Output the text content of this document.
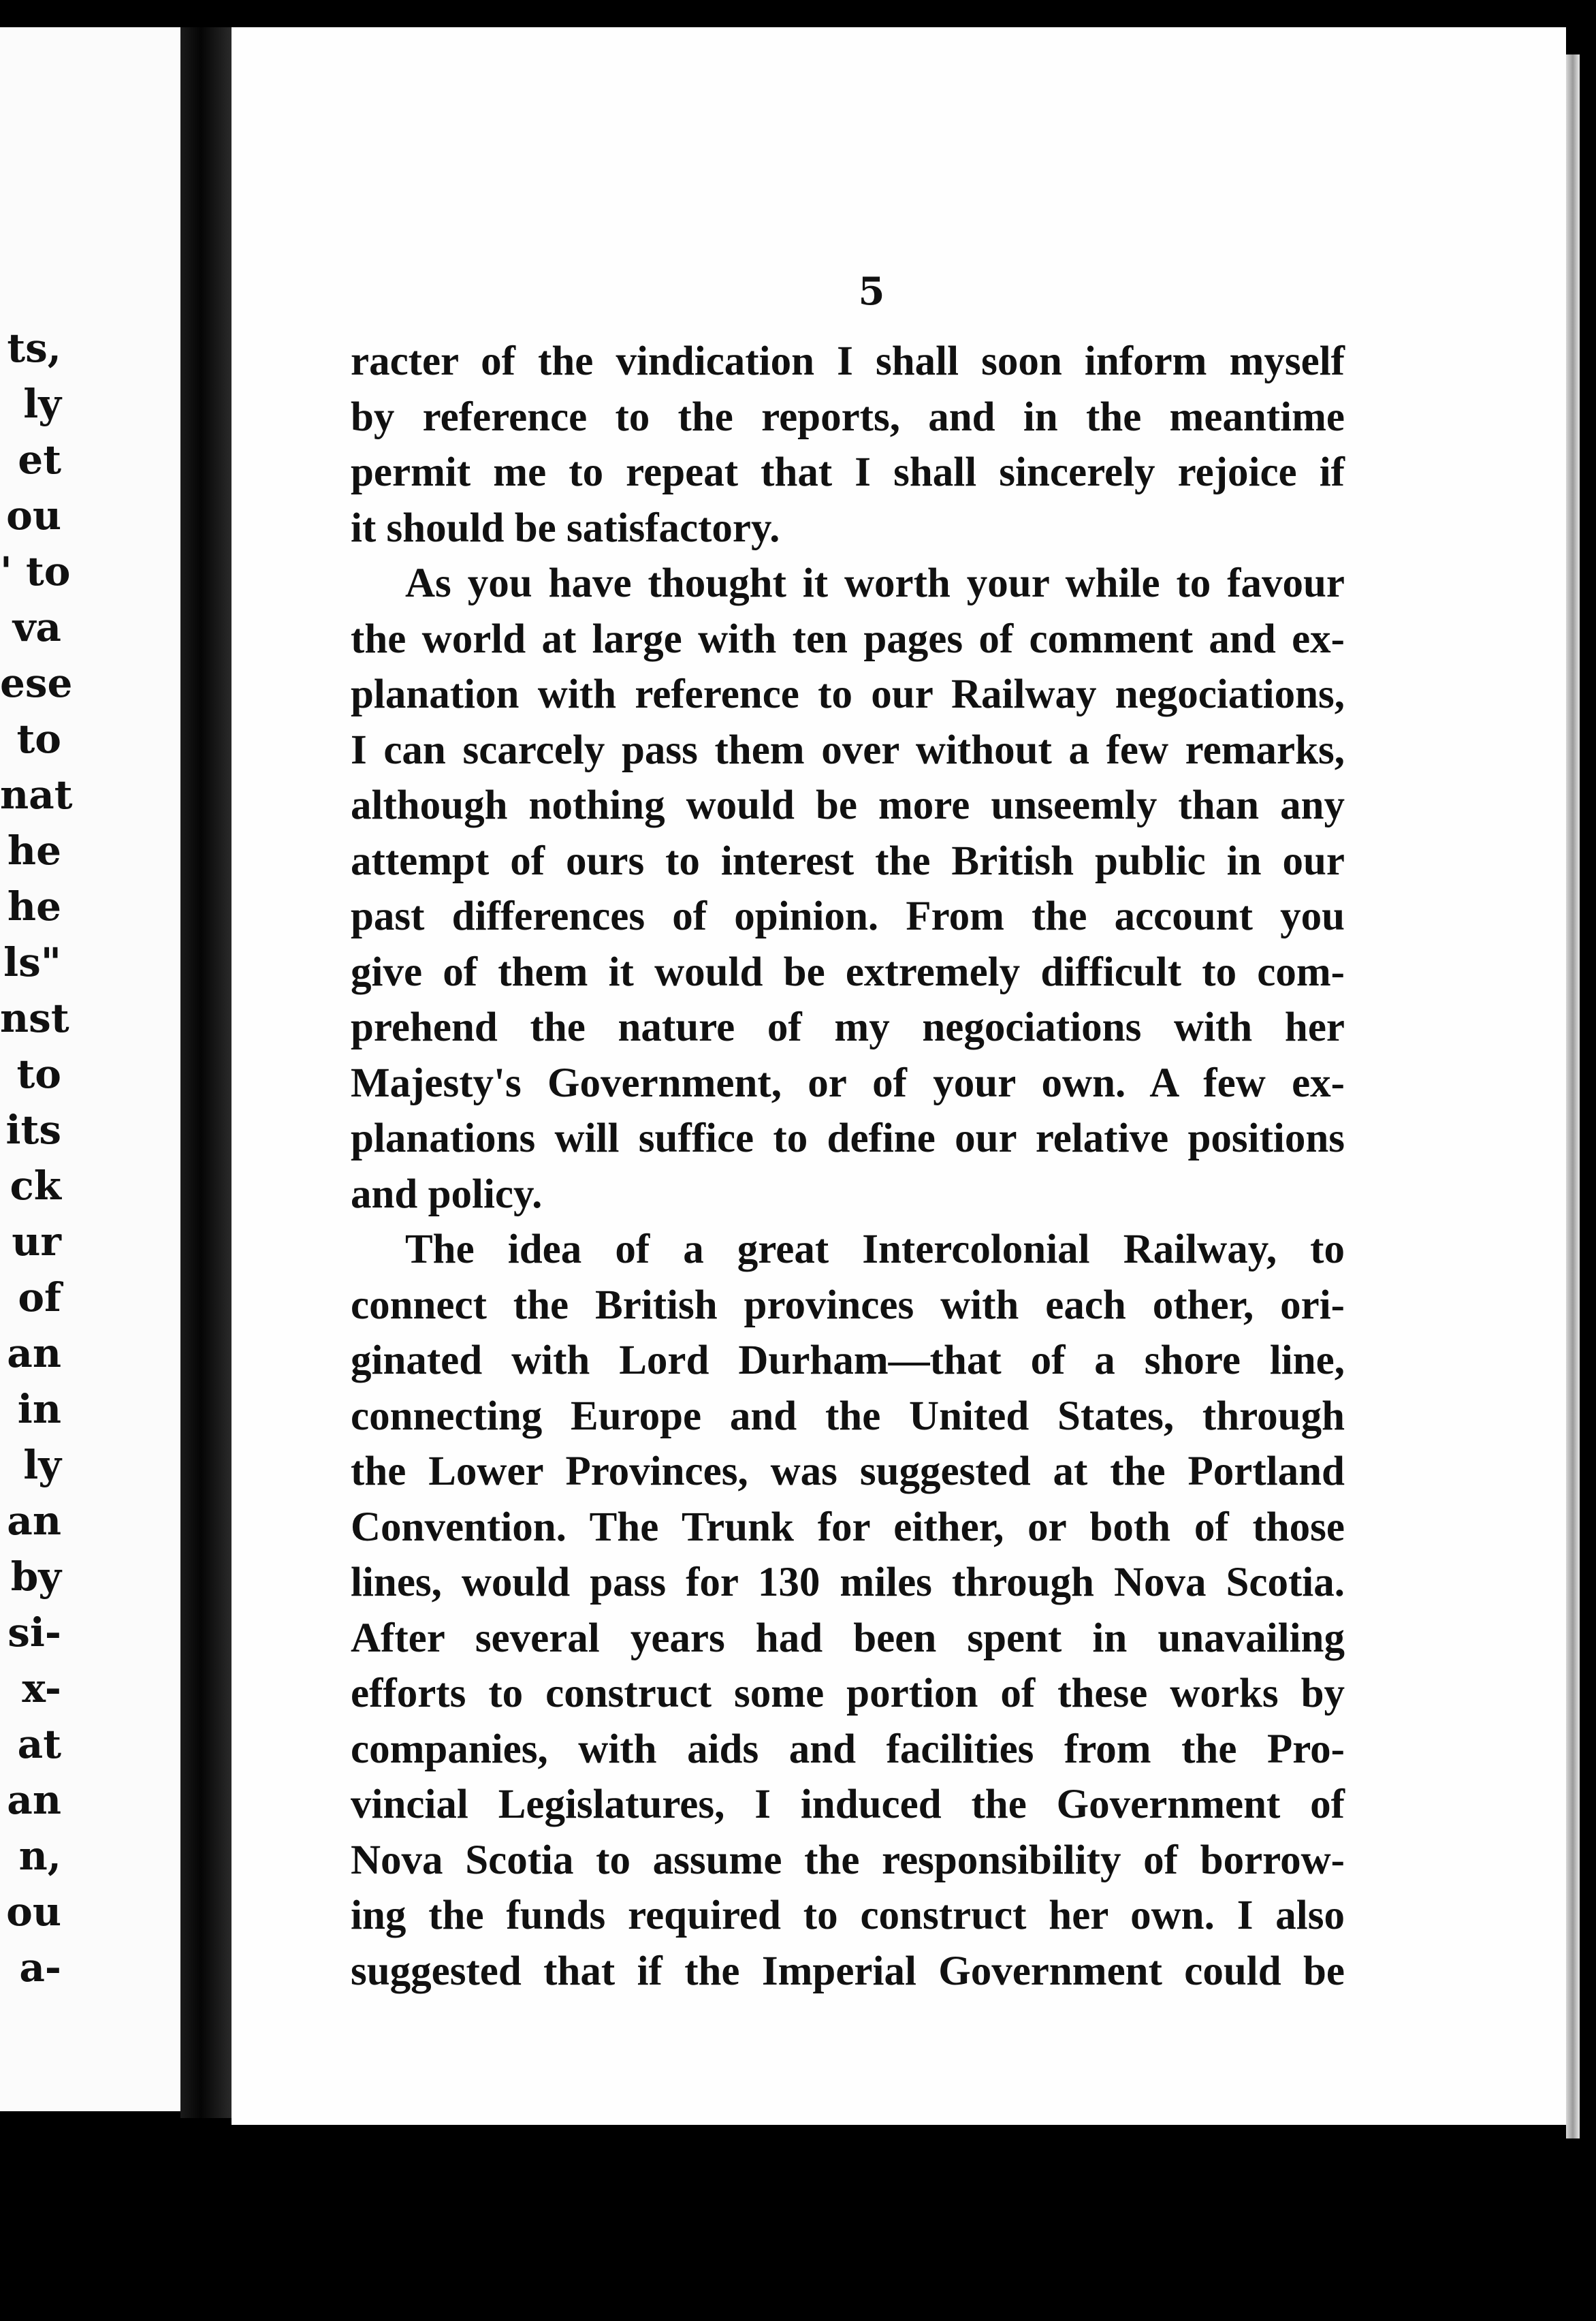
ts,
ly
et
ou
' to
va
ese
to
nat
he
he
ls"
nst
to
its
ck
ur
of
an
in
ly
an
by
si-
x-
at
an
n,
ou
a-
5
racter of the vindication I shall soon inform myself
by reference to the reports, and in the meantime
permit me to repeat that I shall sincerely rejoice if
it should be satisfactory.
As you have thought it worth your while to favour
the world at large with ten pages of comment and ex-
planation with reference to our Railway negociations,
I can scarcely pass them over without a few remarks,
although nothing would be more unseemly than any
attempt of ours to interest the British public in our
past differences of opinion. From the account you
give of them it would be extremely difficult to com-
prehend the nature of my negociations with her
Majesty's Government, or of your own. A few ex-
planations will suffice to define our relative positions
and policy.
The idea of a great Intercolonial Railway, to
connect the British provinces with each other, ori-
ginated with Lord Durham—that of a shore line,
connecting Europe and the United States, through
the Lower Provinces, was suggested at the Portland
Convention. The Trunk for either, or both of those
lines, would pass for 130 miles through Nova Scotia.
After several years had been spent in unavailing
efforts to construct some portion of these works by
companies, with aids and facilities from the Pro-
vincial Legislatures, I induced the Government of
Nova Scotia to assume the responsibility of borrow-
ing the funds required to construct her own. I also
suggested that if the Imperial Government could be
